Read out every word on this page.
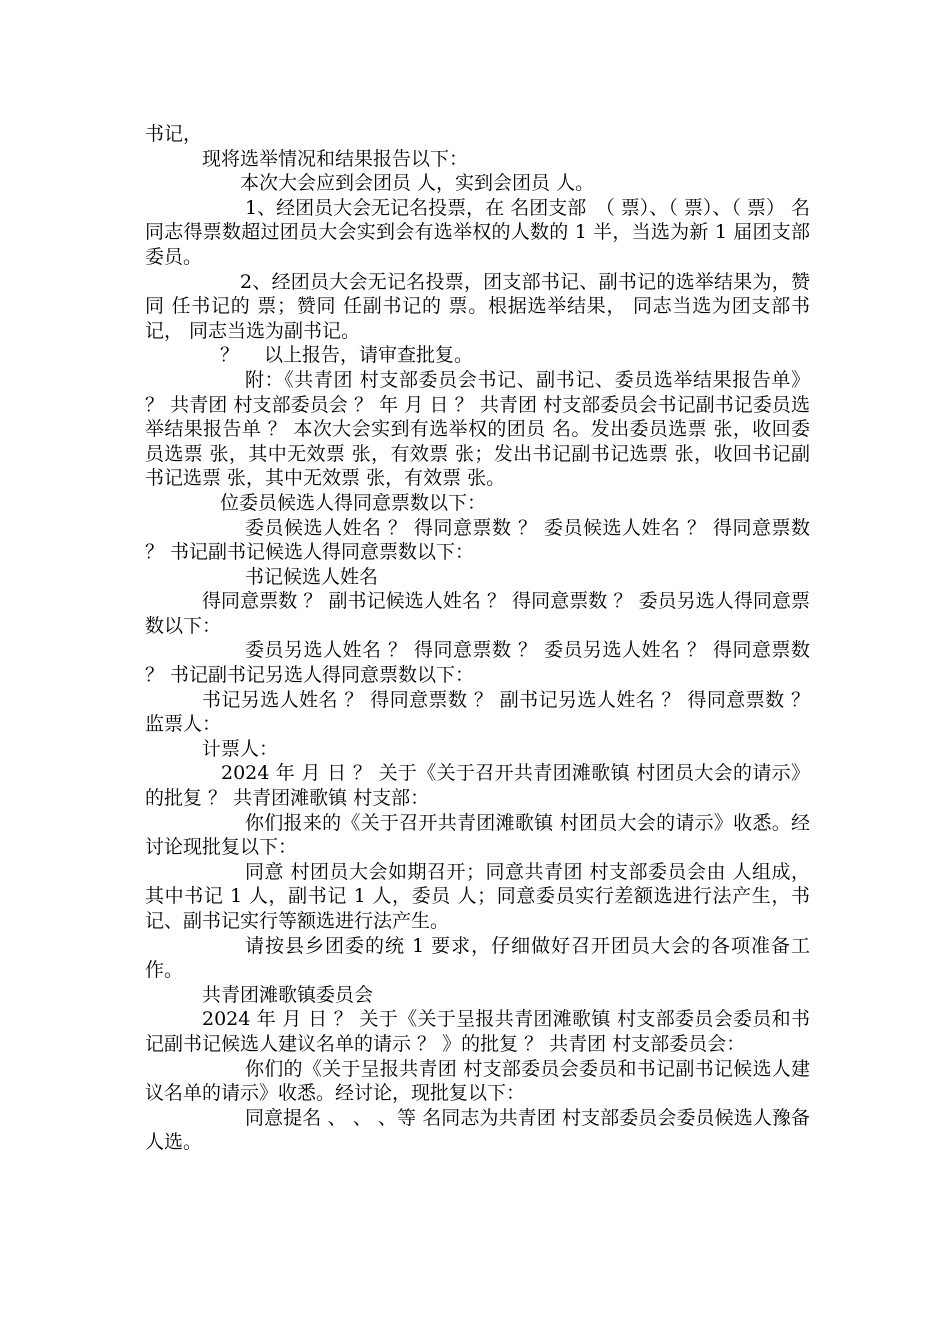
书记，

现将选举情况和结果报告以下：

本次大会应到会团员 人，实到会团员 人。

1、经团员大会无记名投票，在 名团支部　（ 票）、（ 票）、（ 票） 名同志得票数超过团员大会实到会有选举权的人数的 1 半，当选为新 1 届团支部委员。

2、经团员大会无记名投票，团支部书记、副书记的选举结果为，赞同 任书记的 票；赞同 任副书记的 票。根据选举结果， 同志当选为团支部书记， 同志当选为副书记。

？　 以上报告，请审查批复。

附：《共青团 村支部委员会书记、副书记、委员选举结果报告单》 ？ 共青团 村支部委员会 ？ 年 月 日 ？ 共青团 村支部委员会书记副书记委员选举结果报告单 ？ 本次大会实到有选举权的团员 名。发出委员选票 张，收回委员选票 张，其中无效票 张，有效票 张；发出书记副书记选票 张，收回书记副书记选票 张，其中无效票 张，有效票 张。

位委员候选人得同意票数以下：

委员候选人姓名 ？ 得同意票数 ？ 委员候选人姓名 ？ 得同意票数 ？ 书记副书记候选人得同意票数以下：

书记候选人姓名

得同意票数 ？ 副书记候选人姓名 ？ 得同意票数 ？ 委员另选人得同意票数以下：

委员另选人姓名 ？ 得同意票数 ？ 委员另选人姓名 ？ 得同意票数 ？ 书记副书记另选人得同意票数以下：

书记另选人姓名 ？ 得同意票数 ？ 副书记另选人姓名 ？ 得同意票数 ？ 监票人：

计票人：

2024 年 月 日 ？ 关于《关于召开共青团滩歌镇 村团员大会的请示》的批复 ？ 共青团滩歌镇 村支部：

你们报来的《关于召开共青团滩歌镇 村团员大会的请示》收悉。经讨论现批复以下：

同意 村团员大会如期召开；同意共青团 村支部委员会由 人组成，其中书记 1 人，副书记 1 人，委员 人；同意委员实行差额选进行法产生，书记、副书记实行等额选进行法产生。

请按县乡团委的统 1 要求，仔细做好召开团员大会的各项准备工作。

共青团滩歌镇委员会

2024 年 月 日 ？ 关于《关于呈报共青团滩歌镇 村支部委员会委员和书记副书记候选人建议名单的请示 ？ 》的批复 ？ 共青团 村支部委员会：

你们的《关于呈报共青团 村支部委员会委员和书记副书记候选人建议名单的请示》收悉。经讨论，现批复以下：

同意提名 、 、 、等 名同志为共青团 村支部委员会委员候选人豫备人选。
